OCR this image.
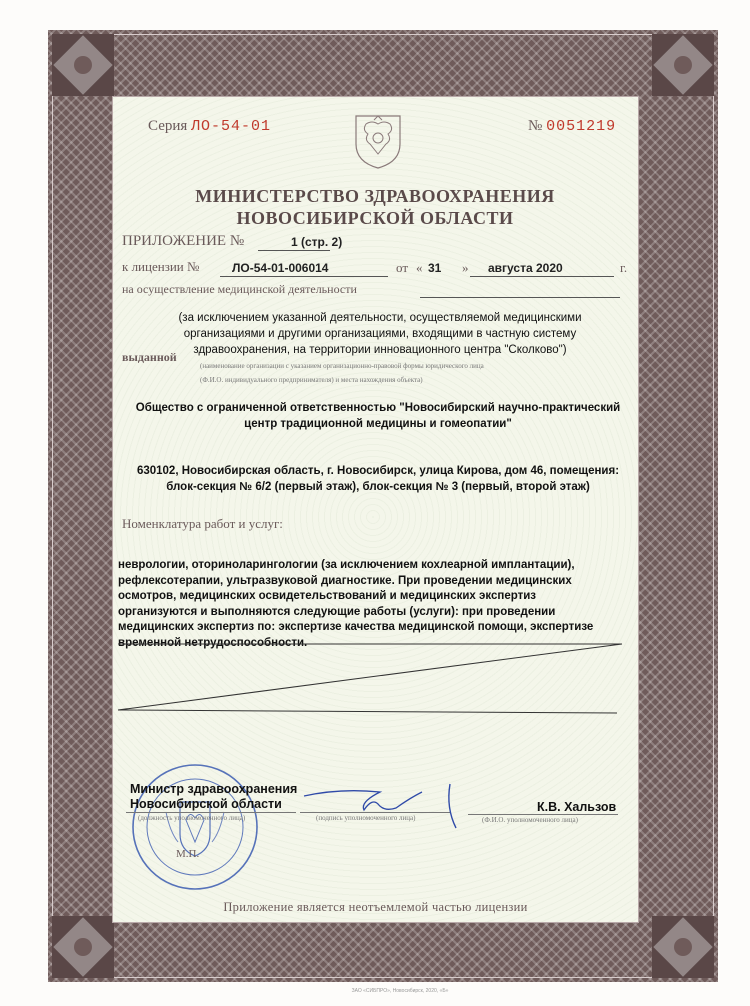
Серия ЛО-54-01	№ 0051219
МИНИСТЕРСТВО ЗДРАВООХРАНЕНИЯ
НОВОСИБИРСКОЙ ОБЛАСТИ
ПРИЛОЖЕНИЕ №	1 (стр. 2)
к лицензии №	ЛО-54-01-006014	от « 31 » августа 2020	г.
на осуществление медицинской деятельности
(за исключением указанной деятельности, осуществляемой медицинскими
организациями и другими организациями, входящими в частную систему
здравоохранения, на территории инновационного центра "Сколково")
выданной
(наименование организации с указанием организационно-правовой формы юридического лица
(Ф.И.О. индивидуального предпринимателя) и места нахождения объекта)
Общество с ограниченной ответственностью "Новосибирский научно-практический
центр традиционной медицины и гомеопатии"
630102, Новосибирская область, г. Новосибирск, улица Кирова, дом 46, помещения:
блок-секция № 6/2 (первый этаж), блок-секция № 3 (первый, второй этаж)
Номенклатура работ и услуг:
неврологии, оториноларингологии (за исключением кохлеарной имплантации),
рефлексотерапии, ультразвуковой диагностике. При проведении медицинских
осмотров, медицинских освидетельствований и медицинских экспертиз
организуются и выполняются следующие работы (услуги): при проведении
медицинских экспертиз по: экспертизе качества медицинской помощи, экспертизе
временной нетрудоспособности.
Министр здравоохранения
Новосибирской области
(должность уполномоченного лица)	(подпись уполномоченного лица)
К.В. Хальзов
(Ф.И.О. уполномоченного лица)
М.П.
Приложение является неотъемлемой частью лицензии
ЗАО «СИБПРО», Новосибирск, 2020, «Б»
